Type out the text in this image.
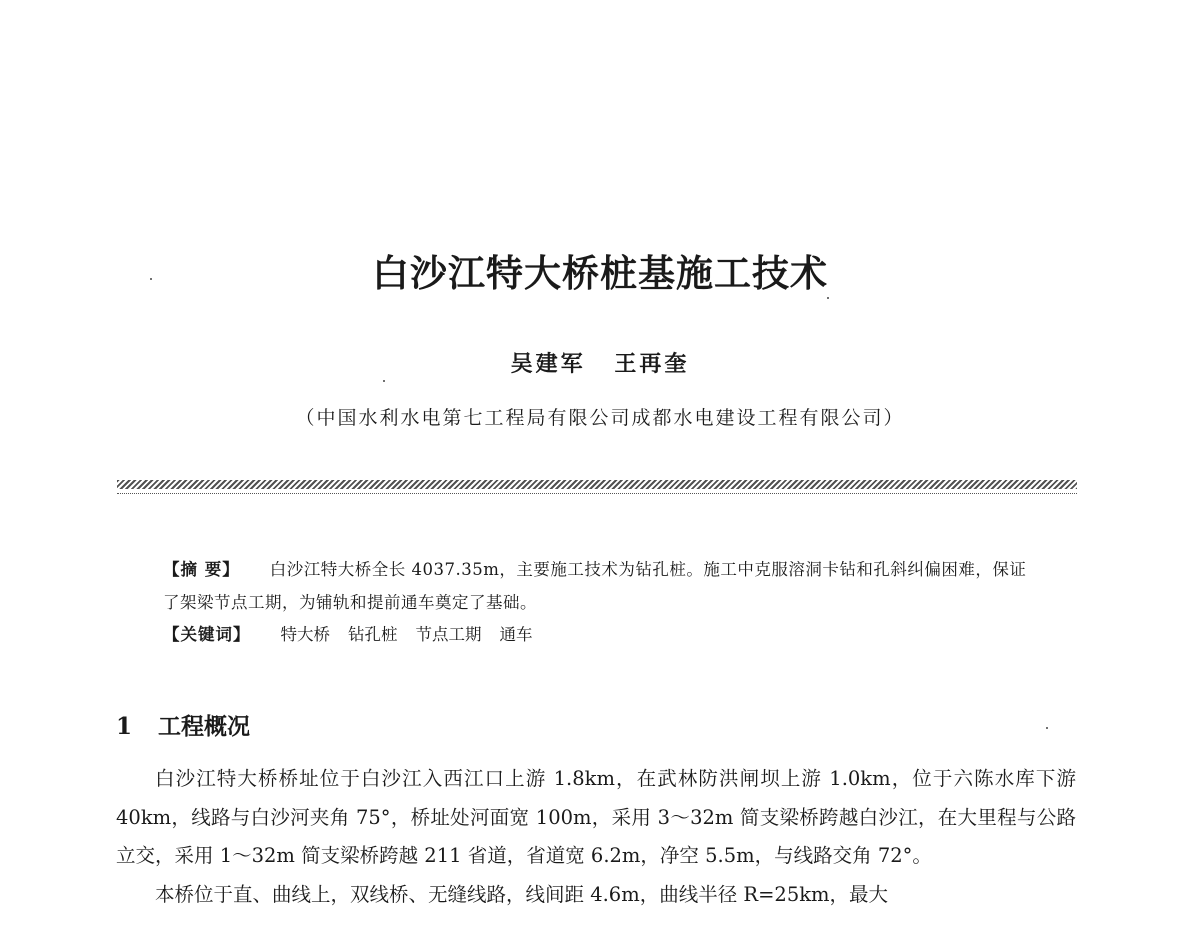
白沙江特大桥桩基施工技术
吴建军 王再奎
（中国水利水电第七工程局有限公司成都水电建设工程有限公司）
【摘 要】 白沙江特大桥全长 4037.35m，主要施工技术为钻孔桩。施工中克服溶洞卡钻和孔斜纠偏困难，保证了架梁节点工期，为铺轨和提前通车奠定了基础。
【关键词】 特大桥 钻孔桩 节点工期 通车
1 工程概况

白沙江特大桥桥址位于白沙江入西江口上游 1.8km，在武林防洪闸坝上游 1.0km，位于六陈水库下游 40km，线路与白沙河夹角 75°，桥址处河面宽 100m，采用 3～32m 简支梁桥跨越白沙江，在大里程与公路立交，采用 1～32m 简支梁桥跨越 211 省道，省道宽 6.2m，净空 5.5m，与线路交角 72°。

本桥位于直、曲线上，双线桥、无缝线路，线间距 4.6m，曲线半径 R=25km，最大
